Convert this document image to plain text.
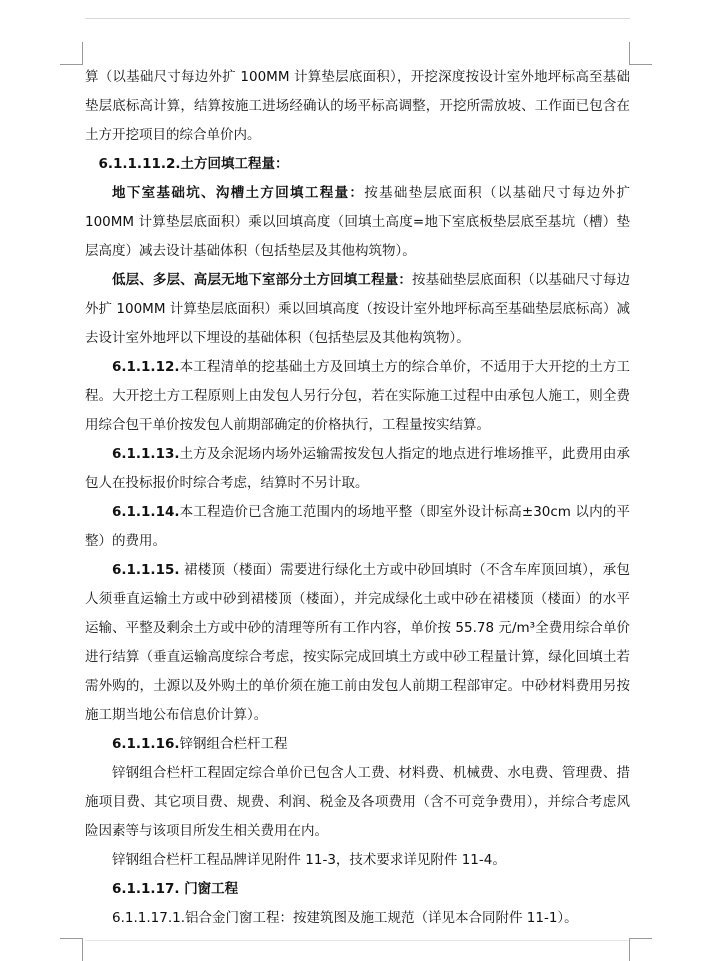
算（以基础尺寸每边外扩 100MM 计算垫层底面积），开挖深度按设计室外地坪标高至基础垫层底标高计算，结算按施工进场经确认的场平标高调整，开挖所需放坡、工作面已包含在土方开挖项目的综合单价内。

6.1.1.11.2.土方回填工程量：

地下室基础坑、沟槽土方回填工程量：按基础垫层底面积（以基础尺寸每边外扩 100MM 计算垫层底面积）乘以回填高度（回填土高度=地下室底板垫层底至基坑（槽）垫层高度）减去设计基础体积（包括垫层及其他构筑物）。

低层、多层、高层无地下室部分土方回填工程量：按基础垫层底面积（以基础尺寸每边外扩 100MM 计算垫层底面积）乘以回填高度（按设计室外地坪标高至基础垫层底标高）减去设计室外地坪以下埋设的基础体积（包括垫层及其他构筑物）。

6.1.1.12.本工程清单的挖基础土方及回填土方的综合单价，不适用于大开挖的土方工程。大开挖土方工程原则上由发包人另行分包，若在实际施工过程中由承包人施工，则全费用综合包干单价按发包人前期部确定的价格执行，工程量按实结算。

6.1.1.13.土方及余泥场内场外运输需按发包人指定的地点进行堆场推平，此费用由承包人在投标报价时综合考虑，结算时不另计取。

6.1.1.14.本工程造价已含施工范围内的场地平整（即室外设计标高±30cm 以内的平整）的费用。

6.1.1.15. 裙楼顶（楼面）需要进行绿化土方或中砂回填时（不含车库顶回填），承包人须垂直运输土方或中砂到裙楼顶（楼面），并完成绿化土或中砂在裙楼顶（楼面）的水平运输、平整及剩余土方或中砂的清理等所有工作内容，单价按 55.78 元/m³全费用综合单价进行结算（垂直运输高度综合考虑，按实际完成回填土方或中砂工程量计算，绿化回填土若需外购的，土源以及外购土的单价须在施工前由发包人前期工程部审定。中砂材料费用另按施工期当地公布信息价计算）。

6.1.1.16.锌钢组合栏杆工程

锌钢组合栏杆工程固定综合单价已包含人工费、材料费、机械费、水电费、管理费、措施项目费、其它项目费、规费、利润、税金及各项费用（含不可竞争费用），并综合考虑风险因素等与该项目所发生相关费用在内。

锌钢组合栏杆工程品牌详见附件 11-3，技术要求详见附件 11-4。

6.1.1.17. 门窗工程

6.1.1.17.1.铝合金门窗工程：按建筑图及施工规范（详见本合同附件 11-1）。
